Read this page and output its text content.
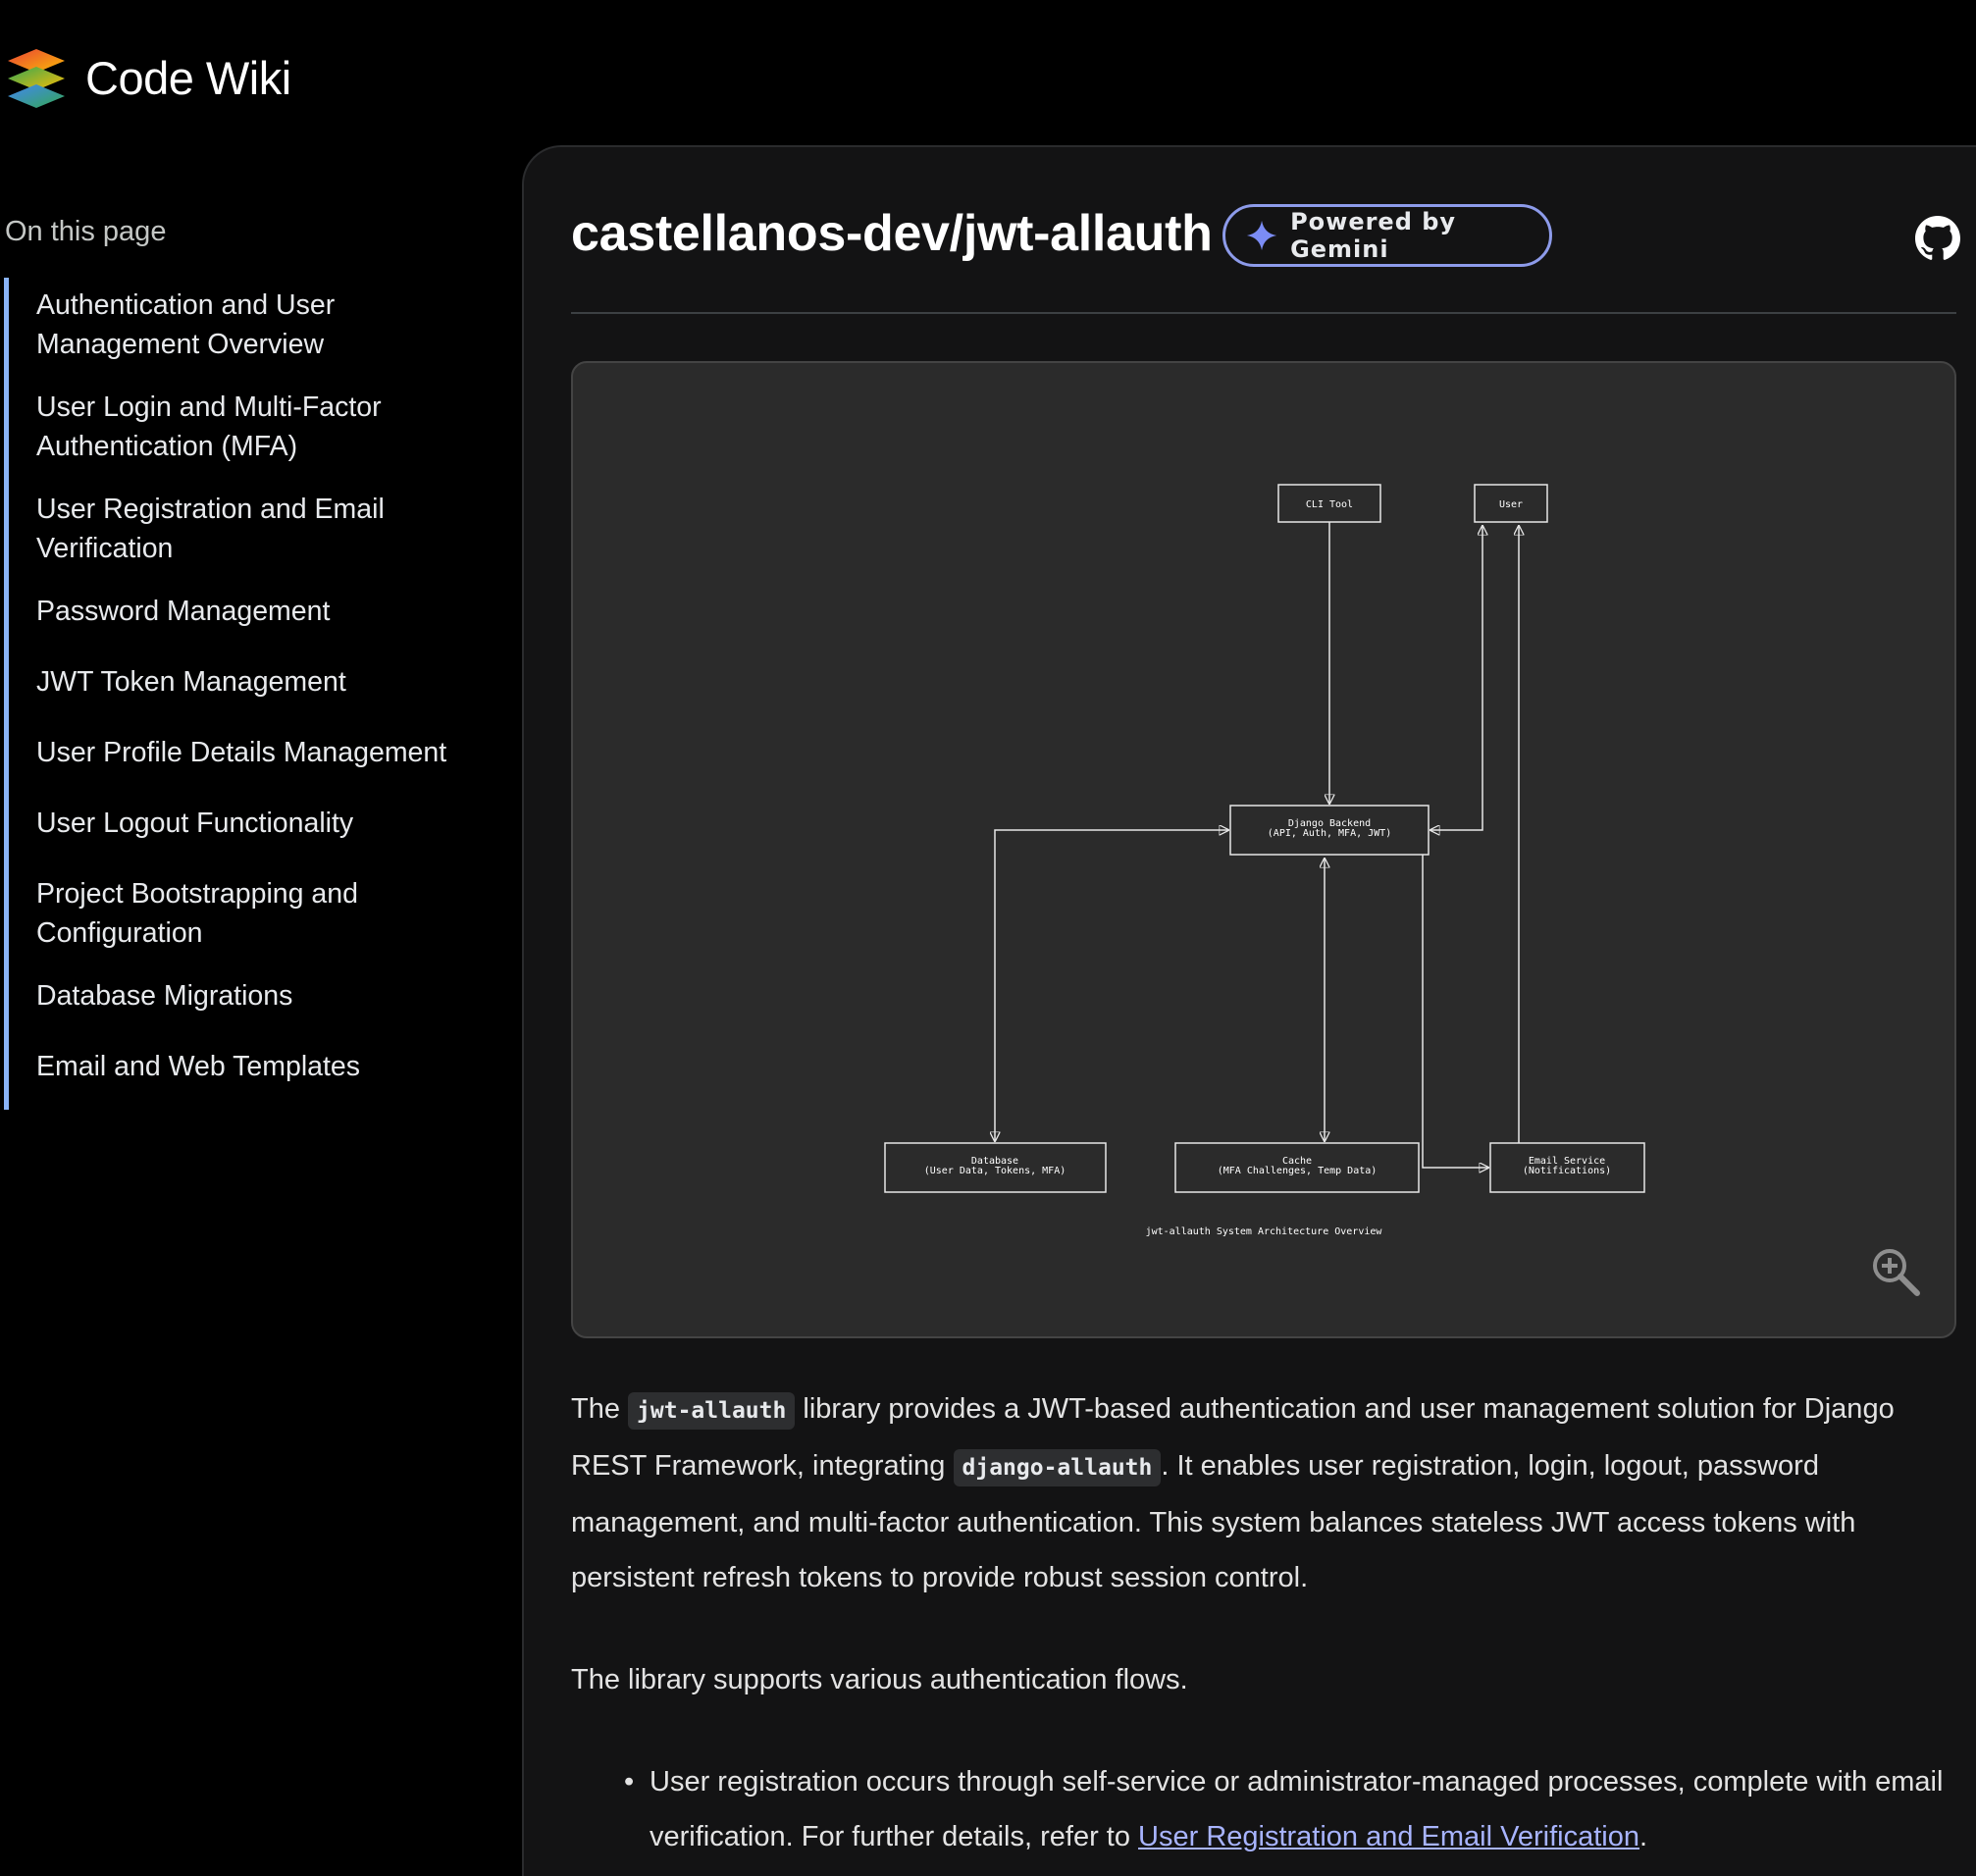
Code Wiki
On this page
Authentication and User Management Overview
User Login and Multi-Factor Authentication (MFA)
User Registration and Email Verification
Password Management
JWT Token Management
User Profile Details Management
User Logout Functionality
Project Bootstrapping and Configuration
Database Migrations
Email and Web Templates
castellanos-dev/jwt-allauth	Powered by Gemini
CLI Tool	User
Django Backend
(API, Auth, MFA, JWT)
Database
(User Data, Tokens, MFA)
Cache
(MFA Challenges, Temp Data)
Email Service
(Notifications)
jwt-allauth System Architecture Overview

The jwt-allauth library provides a JWT-based authentication and user management solution for Django REST Framework, integrating django-allauth . It enables user registration, login, logout, password management, and multi-factor authentication. This system balances stateless JWT access tokens with persistent refresh tokens to provide robust session control.

The library supports various authentication flows.

• User registration occurs through self-service or administrator-managed processes, complete with email verification. For further details, refer to User Registration and Email Verification.
